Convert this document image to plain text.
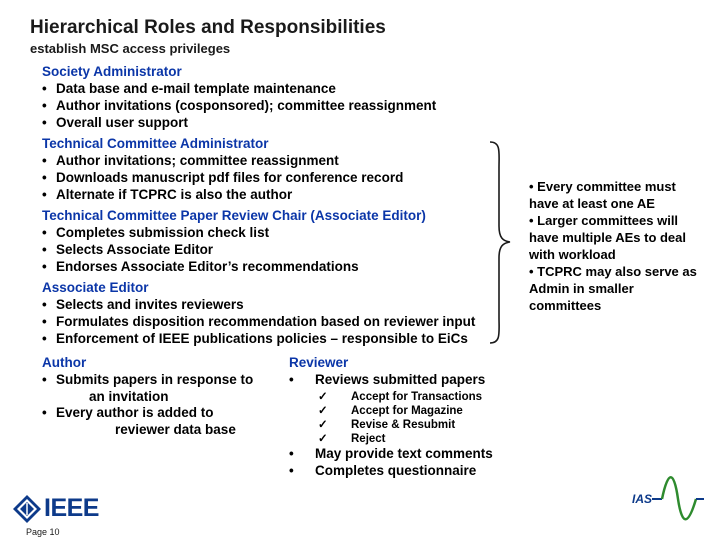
Hierarchical Roles and Responsibilities
establish MSC access privileges
Society Administrator
• Data base and e-mail template maintenance
• Author invitations (cosponsored); committee reassignment
• Overall user support
Technical Committee Administrator
• Author invitations; committee reassignment
• Downloads manuscript pdf files for conference record
• Alternate if TCPRC is also the author
Technical Committee Paper Review Chair (Associate Editor)
• Completes submission check list
• Selects Associate Editor
• Endorses Associate Editor’s recommendations
Associate Editor
• Selects and invites reviewers
• Formulates disposition recommendation based on reviewer input
• Enforcement of IEEE publications policies – responsible to EiCs

• Every committee must have at least one AE

• Larger committees will have multiple AEs to deal with workload

• TCPRC may also serve as Admin in smaller committees

Author
• Submits papers in response to
an invitation
• Every author is added to
reviewer data base
Reviewer
• Reviews submitted papers
✓ Accept for Transactions
✓ Accept for Magazine
✓ Revise & Resubmit
✓ Reject
• May provide text comments
• Completes questionnaire
IEEE
Page 10
IAS
